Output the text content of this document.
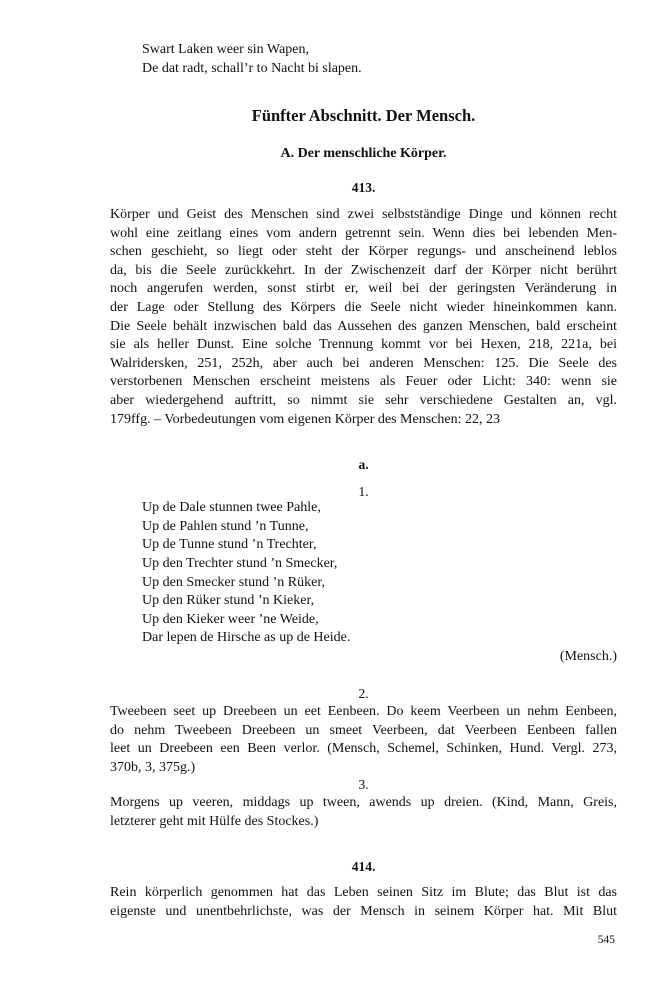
Swart Laken weer sin Wapen,
De dat radt, schall’r to Nacht bi slapen.
Fünfter Abschnitt. Der Mensch.
A. Der menschliche Körper.
413.
Körper und Geist des Menschen sind zwei selbstständige Dinge und können recht
wohl eine zeitlang eines vom andern getrennt sein. Wenn dies bei lebenden Men-
schen geschieht, so liegt oder steht der Körper regungs- und anscheinend leblos
da, bis die Seele zurückkehrt. In der Zwischenzeit darf der Körper nicht berührt
noch angerufen werden, sonst stirbt er, weil bei der geringsten Veränderung in
der Lage oder Stellung des Körpers die Seele nicht wieder hineinkommen kann.
Die Seele behält inzwischen bald das Aussehen des ganzen Menschen, bald erscheint
sie als heller Dunst. Eine solche Trennung kommt vor bei Hexen, 218, 221a, bei
Walridersken, 251, 252h, aber auch bei anderen Menschen: 125. Die Seele des
verstorbenen Menschen erscheint meistens als Feuer oder Licht: 340: wenn sie
aber wiedergehend auftritt, so nimmt sie sehr verschiedene Gestalten an, vgl.
179ffg. – Vorbedeutungen vom eigenen Körper des Menschen: 22, 23
a.
1.
Up de Dale stunnen twee Pahle,
Up de Pahlen stund ’n Tunne,
Up de Tunne stund ’n Trechter,
Up den Trechter stund ’n Smecker,
Up den Smecker stund ’n Rüker,
Up den Rüker stund ’n Kieker,
Up den Kieker weer ’ne Weide,
Dar lepen de Hirsche as up de Heide.
(Mensch.)
2.
Tweebeen seet up Dreebeen un eet Eenbeen. Do keem Veerbeen un nehm Eenbeen,
do nehm Tweebeen Dreebeen un smeet Veerbeen, dat Veerbeen Eenbeen fallen
leet un Dreebeen een Been verlor. (Mensch, Schemel, Schinken, Hund. Vergl. 273,
370b, 3, 375g.)
3.
Morgens up veeren, middags up tween, awends up dreien. (Kind, Mann, Greis,
letzterer geht mit Hülfe des Stockes.)
414.
Rein körperlich genommen hat das Leben seinen Sitz im Blute; das Blut ist das
eigenste und unentbehrlichste, was der Mensch in seinem Körper hat. Mit Blut
545
